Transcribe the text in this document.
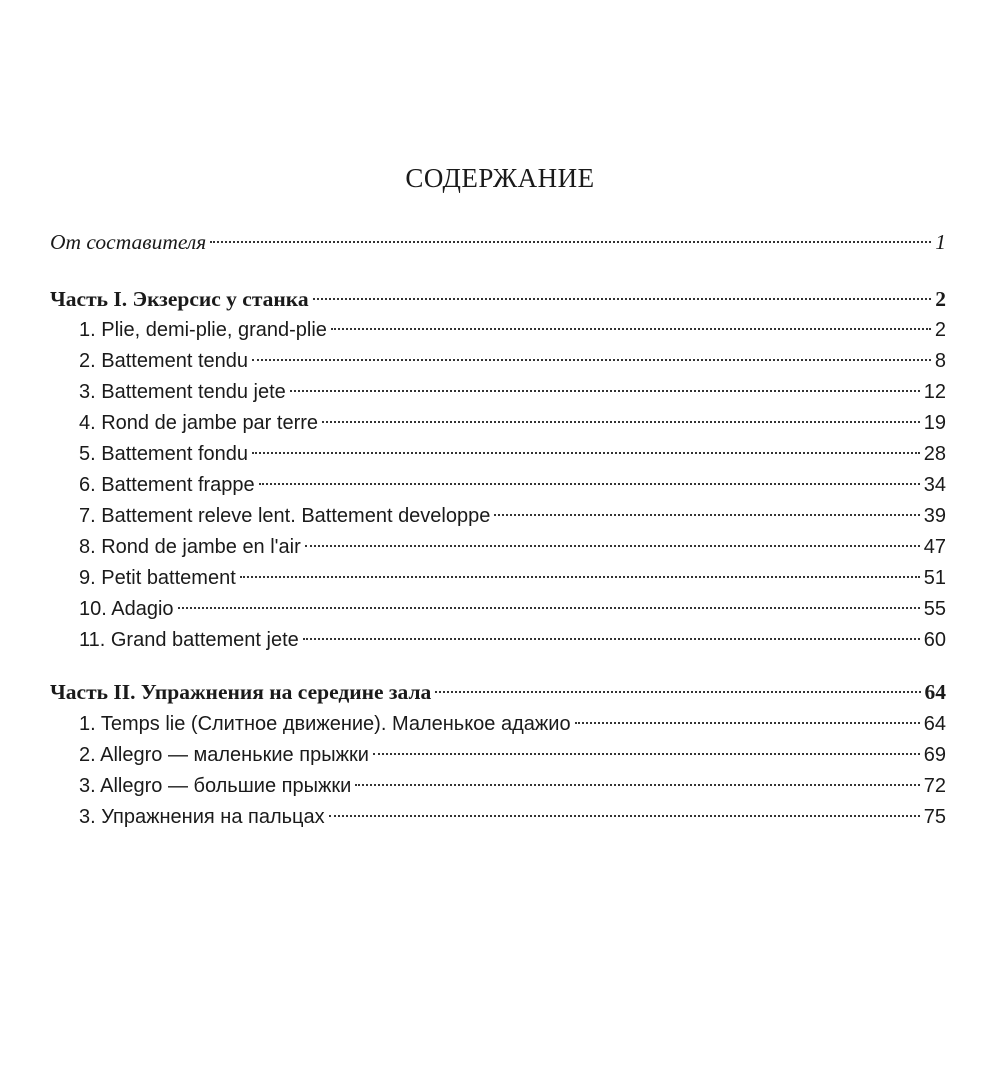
СОДЕРЖАНИЕ
От составителя	1
Часть I. Экзерсис у станка	2
1. Plie, demi-plie, grand-plie	2
2. Battement tendu	8
3. Battement tendu jete	12
4. Rond de jambe par terre	19
5. Battement fondu	28
6. Battement frappe	34
7. Battement releve lent. Battement developpe	39
8. Rond de jambe en l'air	47
9. Petit battement	51
10. Adagio	55
11. Grand battement jete	60
Часть II. Упражнения на середине зала	64
1. Temps lie (Слитное движение). Маленькое адажио	64
2. Allegro — маленькие прыжки	69
3. Allegro — большие прыжки	72
3. Упражнения на пальцах	75
